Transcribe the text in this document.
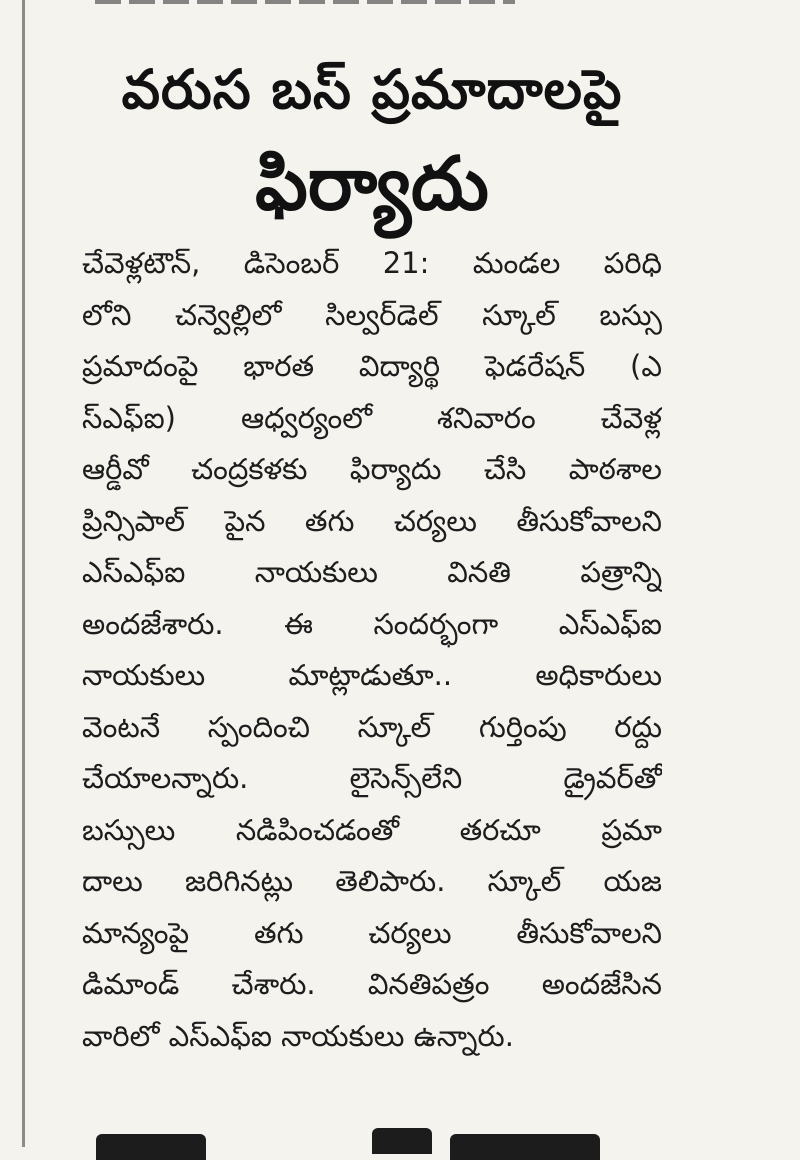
వరుస బస్ ప్రమాదాలపై
ఫిర్యాదు
చేవెళ్లటౌన్, డిసెంబర్ 21: మండల పరిధి
లోని చన్వెల్లిలో సిల్వర్‌డెల్ స్కూల్ బస్సు
ప్రమాదంపై భారత విద్యార్థి ఫెడరేషన్ (ఎ
స్ఎఫ్ఐ) ఆధ్వర్యంలో శనివారం చేవెళ్ల
ఆర్డీవో చంద్రకళకు ఫిర్యాదు చేసి పాఠశాల
ప్రిన్సిపాల్ పైన తగు చర్యలు తీసుకోవాలని
ఎస్ఎఫ్ఐ నాయకులు వినతి పత్రాన్ని
అందజేశారు. ఈ సందర్భంగా ఎస్ఎఫ్ఐ
నాయకులు మాట్లాడుతూ.. అధికారులు
వెంటనే స్పందించి స్కూల్ గుర్తింపు రద్దు
చేయాలన్నారు. లైసెన్స్‌లేని డ్రైవర్‌తో
బస్సులు నడిపించడంతో తరచూ ప్రమా
దాలు జరిగినట్లు తెలిపారు. స్కూల్ యజ
మాన్యంపై తగు చర్యలు తీసుకోవాలని
డిమాండ్ చేశారు. వినతిపత్రం అందజేసిన
వారిలో ఎస్ఎఫ్ఐ నాయకులు ఉన్నారు.
